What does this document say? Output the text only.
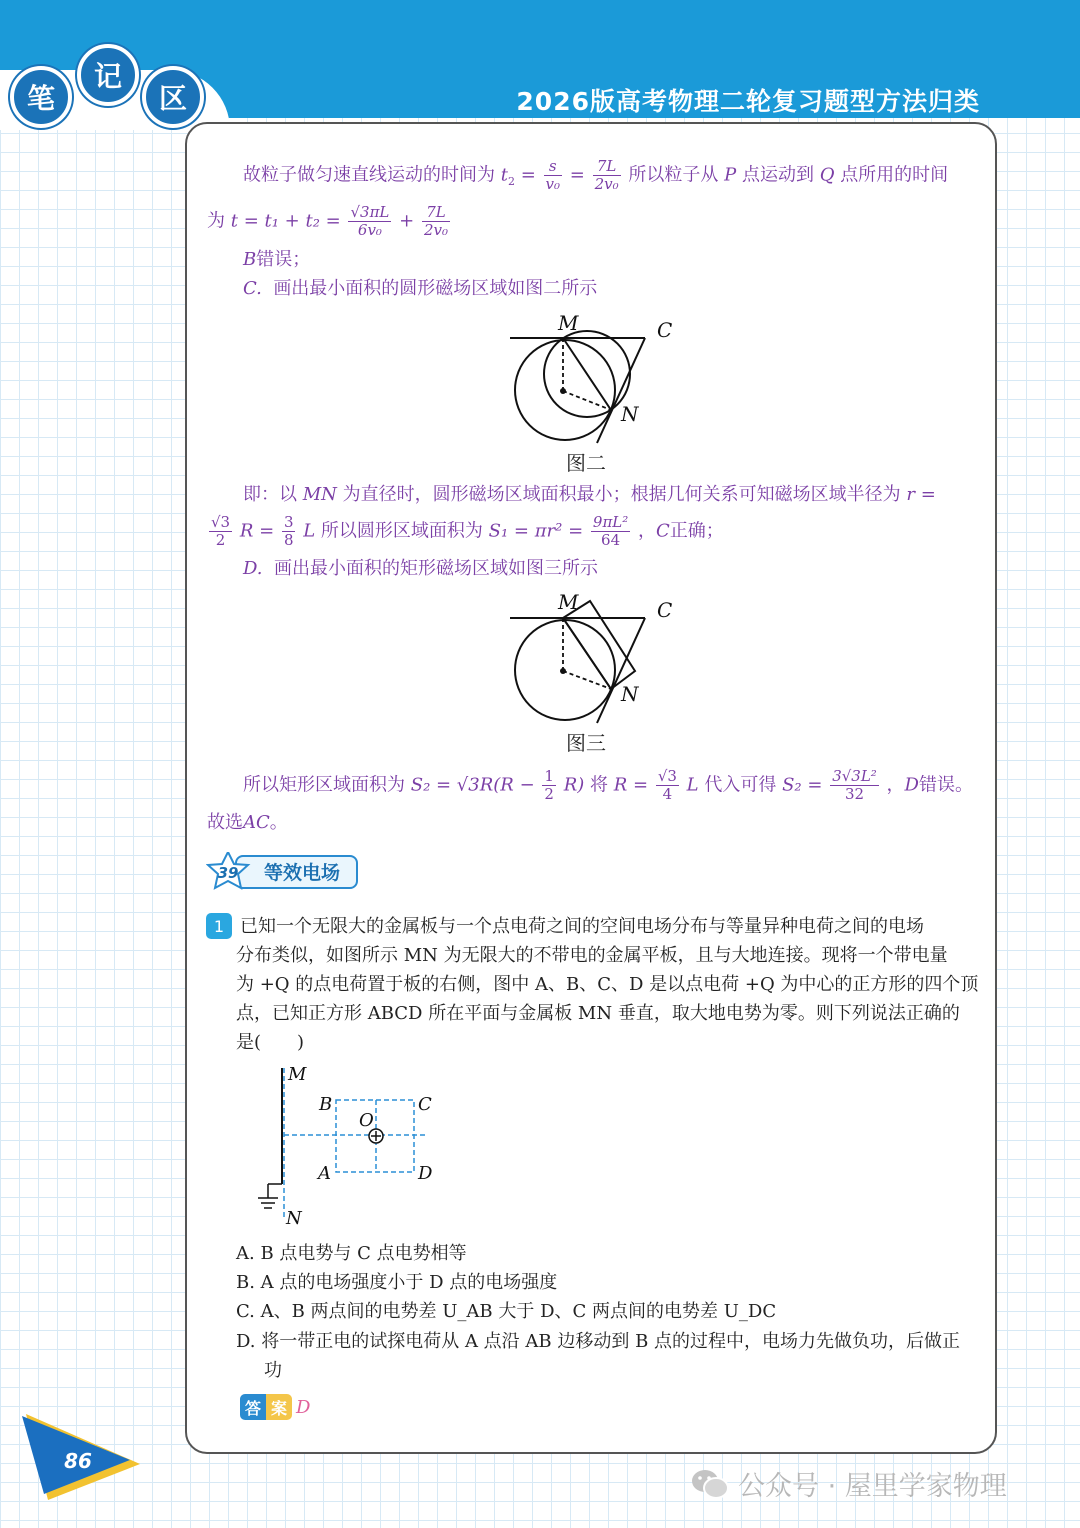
笔
记
区	2026版高考物理二轮复习题型方法归类
故粒子做匀速直线运动的时间为 $t_2 = \frac{s}{\text{v₀}} = \frac{7L}{\text{2v₀}}$ 所以粒子从 P 点运动到 Q 点所用的时间
为 $t = t_1 + t_2 = \frac{√3\pi L}{\text{6v₀}} + \frac{7L}{\text{2v₀}}$
B错误；
C. 画出最小面积的圆形磁场区域如图二所示
M	C
N
图二
即：以 MN 为直径时，圆形磁场区域面积最小；根据几何关系可知磁场区域半径为 r =
$\frac{√3}{2}$ $R = \frac{3}{8}$ L 所以圆形区域面积为 $S_1 = \pi r^2 = \frac{\text{9πL²}}{64}$ ，C正确；
D. 画出最小面积的矩形磁场区域如图三所示
M	C
N
图三
所以矩形区域面积为 $S_2 = √3R(R - \frac{1}{2} R)$ 将 $R = \frac{√3}{4}$ L 代入可得 $S_2 = \frac{\text{3√3L²}}{32}$ ，D错误。
故选AC。
39 等效电场
1 已知一个无限大的金属板与一个点电荷之间的空间电场分布与等量异种电荷之间的电场
分布类似，如图所示 MN 为无限大的不带电的金属平板，且与大地连接。现将一个带电量
为 +Q 的点电荷置于板的右侧，图中 A、B、C、D 是以点电荷 +Q 为中心的正方形的四个顶
点，已知正方形 ABCD 所在平面与金属板 MN 垂直，取大地电势为零。则下列说法正确的
是(　　)
M
N
B	C
O
A	D
A. B 点电势与 C 点电势相等
B. A 点的电场强度小于 D 点的电场强度
C. A、B 两点间的电势差 U_AB 大于 D、C 两点间的电势差 U_DC
D. 将一带正电的试探电荷从 A 点沿 AB 边移动到 B 点的过程中，电场力先做负功，后做正
功
答 案 D
86
公众号 · 屋里学家物理
